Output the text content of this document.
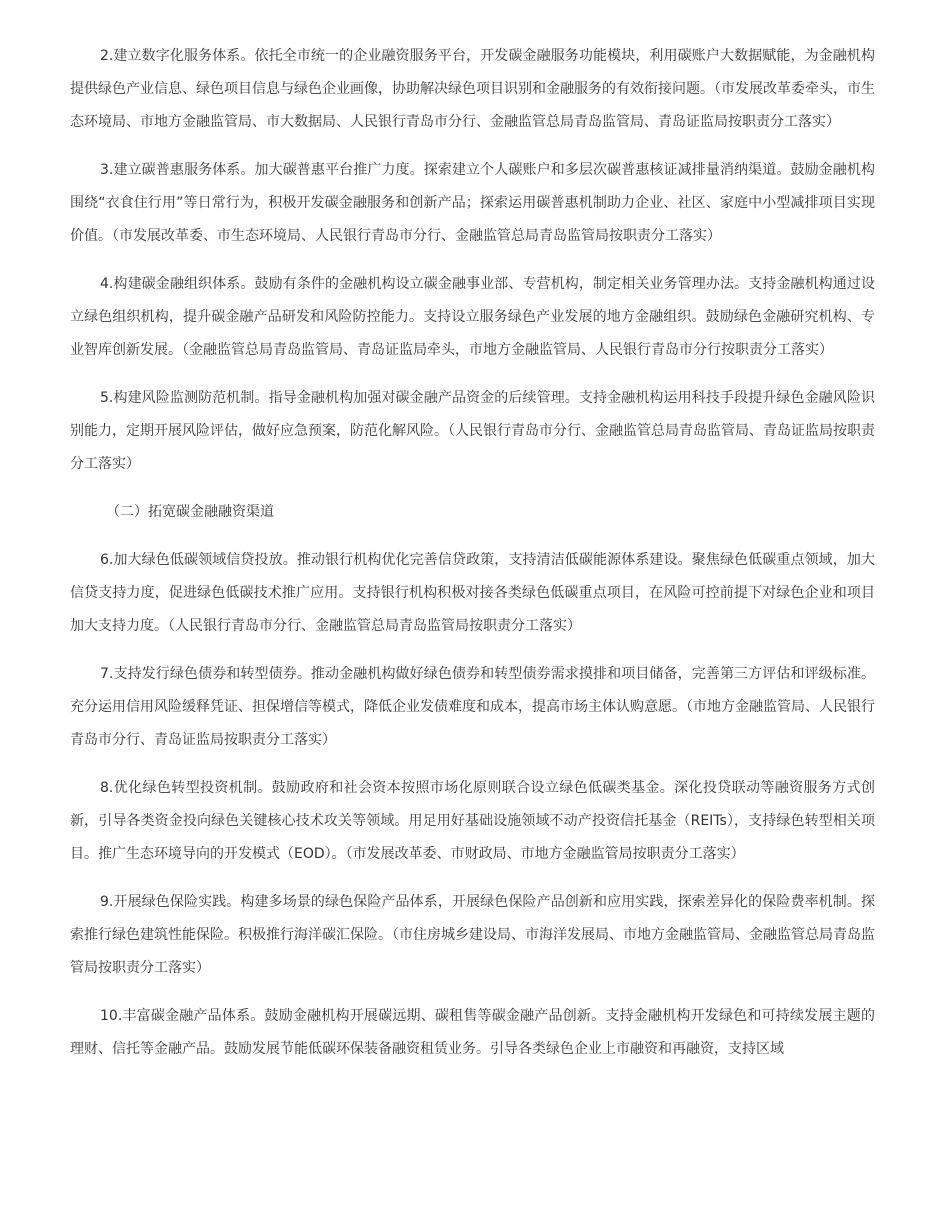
2.建立数字化服务体系。依托全市统一的企业融资服务平台，开发碳金融服务功能模块，利用碳账户大数据赋能，为金融机构提供绿色产业信息、绿色项目信息与绿色企业画像，协助解决绿色项目识别和金融服务的有效衔接问题。（市发展改革委牵头，市生态环境局、市地方金融监管局、市大数据局、人民银行青岛市分行、金融监管总局青岛监管局、青岛证监局按职责分工落实）

3.建立碳普惠服务体系。加大碳普惠平台推广力度。探索建立个人碳账户和多层次碳普惠核证减排量消纳渠道。鼓励金融机构围绕“衣食住行用”等日常行为，积极开发碳金融服务和创新产品；探索运用碳普惠机制助力企业、社区、家庭中小型减排项目实现价值。（市发展改革委、市生态环境局、人民银行青岛市分行、金融监管总局青岛监管局按职责分工落实）

4.构建碳金融组织体系。鼓励有条件的金融机构设立碳金融事业部、专营机构，制定相关业务管理办法。支持金融机构通过设立绿色组织机构，提升碳金融产品研发和风险防控能力。支持设立服务绿色产业发展的地方金融组织。鼓励绿色金融研究机构、专业智库创新发展。（金融监管总局青岛监管局、青岛证监局牵头，市地方金融监管局、人民银行青岛市分行按职责分工落实）

5.构建风险监测防范机制。指导金融机构加强对碳金融产品资金的后续管理。支持金融机构运用科技手段提升绿色金融风险识别能力，定期开展风险评估，做好应急预案，防范化解风险。（人民银行青岛市分行、金融监管总局青岛监管局、青岛证监局按职责分工落实）

（二）拓宽碳金融融资渠道

6.加大绿色低碳领域信贷投放。推动银行机构优化完善信贷政策，支持清洁低碳能源体系建设。聚焦绿色低碳重点领域，加大信贷支持力度，促进绿色低碳技术推广应用。支持银行机构积极对接各类绿色低碳重点项目，在风险可控前提下对绿色企业和项目加大支持力度。（人民银行青岛市分行、金融监管总局青岛监管局按职责分工落实）

7.支持发行绿色债券和转型债券。推动金融机构做好绿色债券和转型债券需求摸排和项目储备，完善第三方评估和评级标准。充分运用信用风险缓释凭证、担保增信等模式，降低企业发债难度和成本，提高市场主体认购意愿。（市地方金融监管局、人民银行青岛市分行、青岛证监局按职责分工落实）

8.优化绿色转型投资机制。鼓励政府和社会资本按照市场化原则联合设立绿色低碳类基金。深化投贷联动等融资服务方式创新，引导各类资金投向绿色关键核心技术攻关等领域。用足用好基础设施领域不动产投资信托基金（REITs），支持绿色转型相关项目。推广生态环境导向的开发模式（EOD）。（市发展改革委、市财政局、市地方金融监管局按职责分工落实）

9.开展绿色保险实践。构建多场景的绿色保险产品体系，开展绿色保险产品创新和应用实践，探索差异化的保险费率机制。探索推行绿色建筑性能保险。积极推行海洋碳汇保险。（市住房城乡建设局、市海洋发展局、市地方金融监管局、金融监管总局青岛监管局按职责分工落实）

10.丰富碳金融产品体系。鼓励金融机构开展碳远期、碳租售等碳金融产品创新。支持金融机构开发绿色和可持续发展主题的理财、信托等金融产品。鼓励发展节能低碳环保装备融资租赁业务。引导各类绿色企业上市融资和再融资，支持区域
